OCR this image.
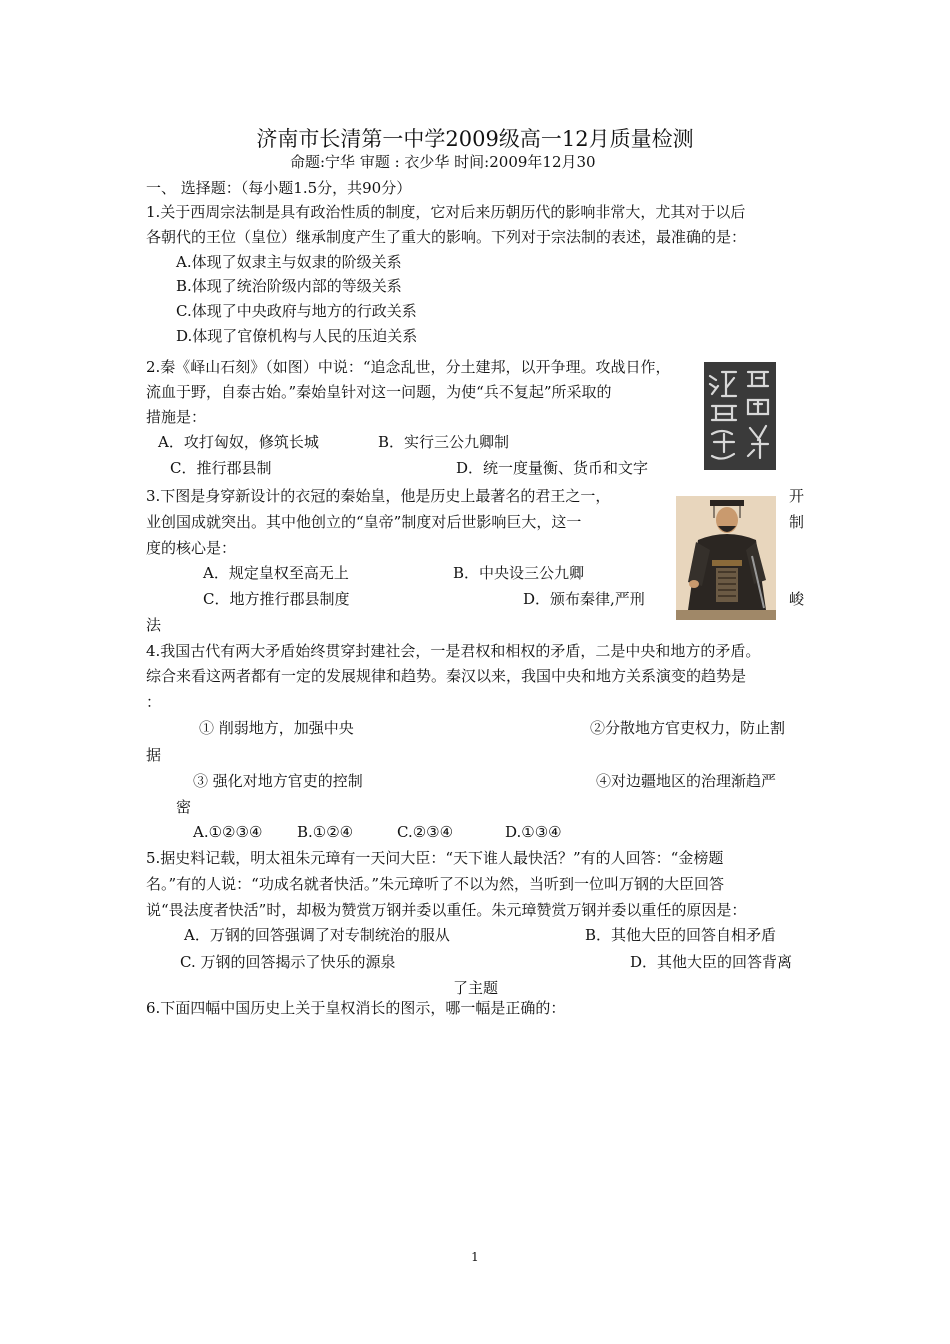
济南市长清第一中学2009级高一12月质量检测
命题:宁华 审题 : 衣少华 时间:2009年12月30
一、 选择题：（每小题1.5分，共90分）
1.关于西周宗法制是具有政治性质的制度，它对后来历朝历代的影响非常大，尤其对于以后
各朝代的王位（皇位）继承制度产生了重大的影响。下列对于宗法制的表述，最准确的是：
A.体现了奴隶主与奴隶的阶级关系
B.体现了统治阶级内部的等级关系
C.体现了中央政府与地方的行政关系
D.体现了官僚机构与人民的压迫关系
2.秦《峄山石刻》（如图）中说：“追念乱世，分土建邦，以开争理。攻战日作，
流血于野，自泰古始。”秦始皇针对这一问题，为使“兵不复起”所采取的
措施是：
A．攻打匈奴，修筑长城	B．实行三公九卿制
C．推行郡县制	D．统一度量衡、货币和文字
3.下图是身穿新设计的衣冠的秦始皇，他是历史上最著名的君王之一，	开
业创国成就突出。其中他创立的“皇帝”制度对后世影响巨大，这一	制
度的核心是：
A．规定皇权至高无上	B．中央设三公九卿
C．地方推行郡县制度	D．颁布秦律,严刑	峻
法
4.我国古代有两大矛盾始终贯穿封建社会，一是君权和相权的矛盾，二是中央和地方的矛盾。
综合来看这两者都有一定的发展规律和趋势。秦汉以来，我国中央和地方关系演变的趋势是
：
① 削弱地方，加强中央	②分散地方官吏权力，防止割
据
③ 强化对地方官吏的控制	④对边疆地区的治理渐趋严
密
A.①②③④ B.①②④	C.②③④	D.①③④
5.据史料记载，明太祖朱元璋有一天问大臣：“天下谁人最快活？”有的人回答：“金榜题
名。”有的人说：“功成名就者快活。”朱元璋听了不以为然，当听到一位叫万钢的大臣回答
说“畏法度者快活”时，却极为赞赏万钢并委以重任。朱元璋赞赏万钢并委以重任的原因是：
A．万钢的回答强调了对专制统治的服从	B．其他大臣的回答自相矛盾
C. 万钢的回答揭示了快乐的源泉	D．其他大臣的回答背离
了主题
6.下面四幅中国历史上关于皇权消长的图示，哪一幅是正确的：
1
